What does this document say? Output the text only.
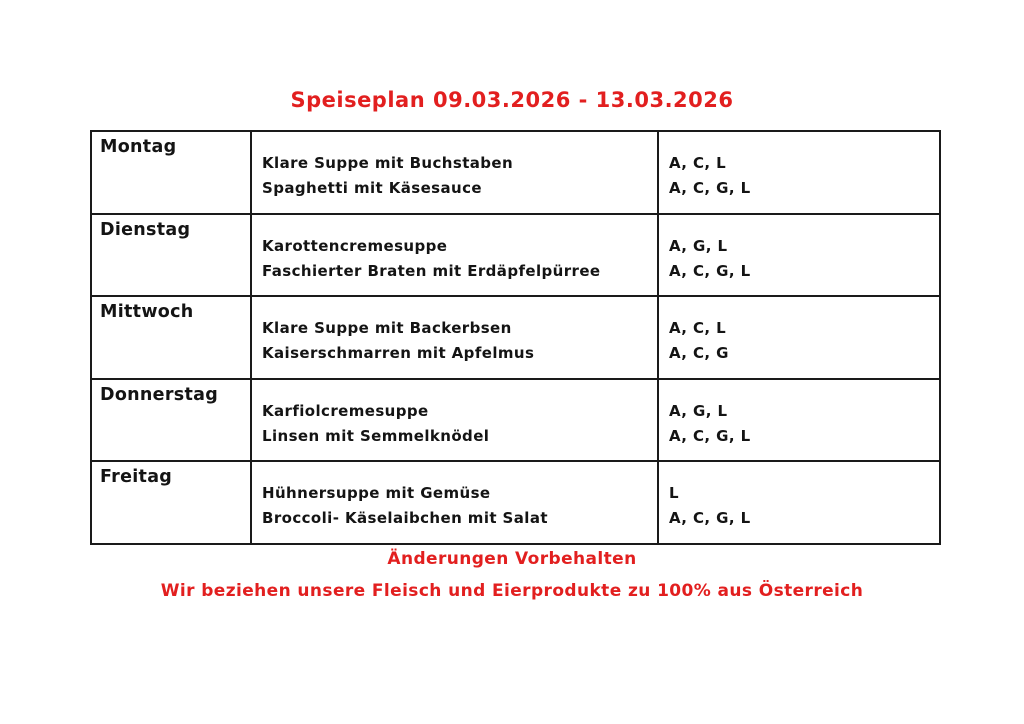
Speiseplan 09.03.2026 - 13.03.2026
Montag
Klare Suppe mit Buchstaben
Spaghetti mit Käsesauce
A, C, L
A, C, G, L
Dienstag
Karottencremesuppe
Faschierter Braten mit Erdäpfelpürree
A, G, L
A, C, G, L
Mittwoch
Klare Suppe mit Backerbsen
Kaiserschmarren mit Apfelmus
A, C, L
A, C, G
Donnerstag
Karfiolcremesuppe
Linsen mit Semmelknödel
A, G, L
A, C, G, L
Freitag
Hühnersuppe mit Gemüse
Broccoli- Käselaibchen mit Salat
L
A, C, G, L
Änderungen Vorbehalten
Wir beziehen unsere Fleisch und Eierprodukte zu 100% aus Österreich
